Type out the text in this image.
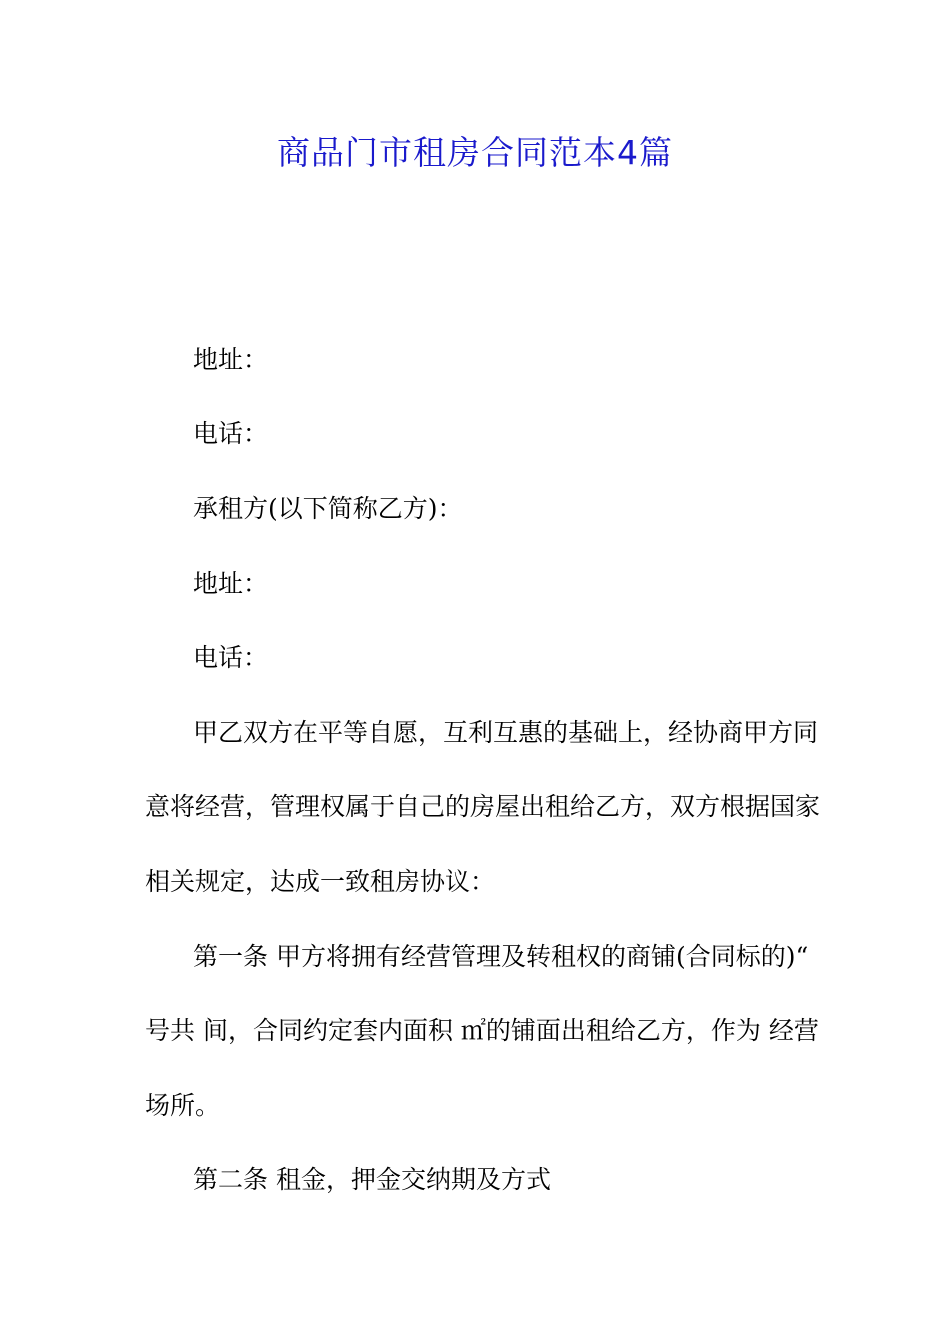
商品门市租房合同范本4篇
地址：
电话：
承租方(以下简称乙方)：
地址：
电话：
甲乙双方在平等自愿，互利互惠的基础上，经协商甲方同
意将经营，管理权属于自己的房屋出租给乙方，双方根据国家
相关规定，达成一致租房协议：
第一条 甲方将拥有经营管理及转租权的商铺(合同标的)“
号共 间，合同约定套内面积 ㎡的铺面出租给乙方，作为 经营
场所。
第二条 租金，押金交纳期及方式
